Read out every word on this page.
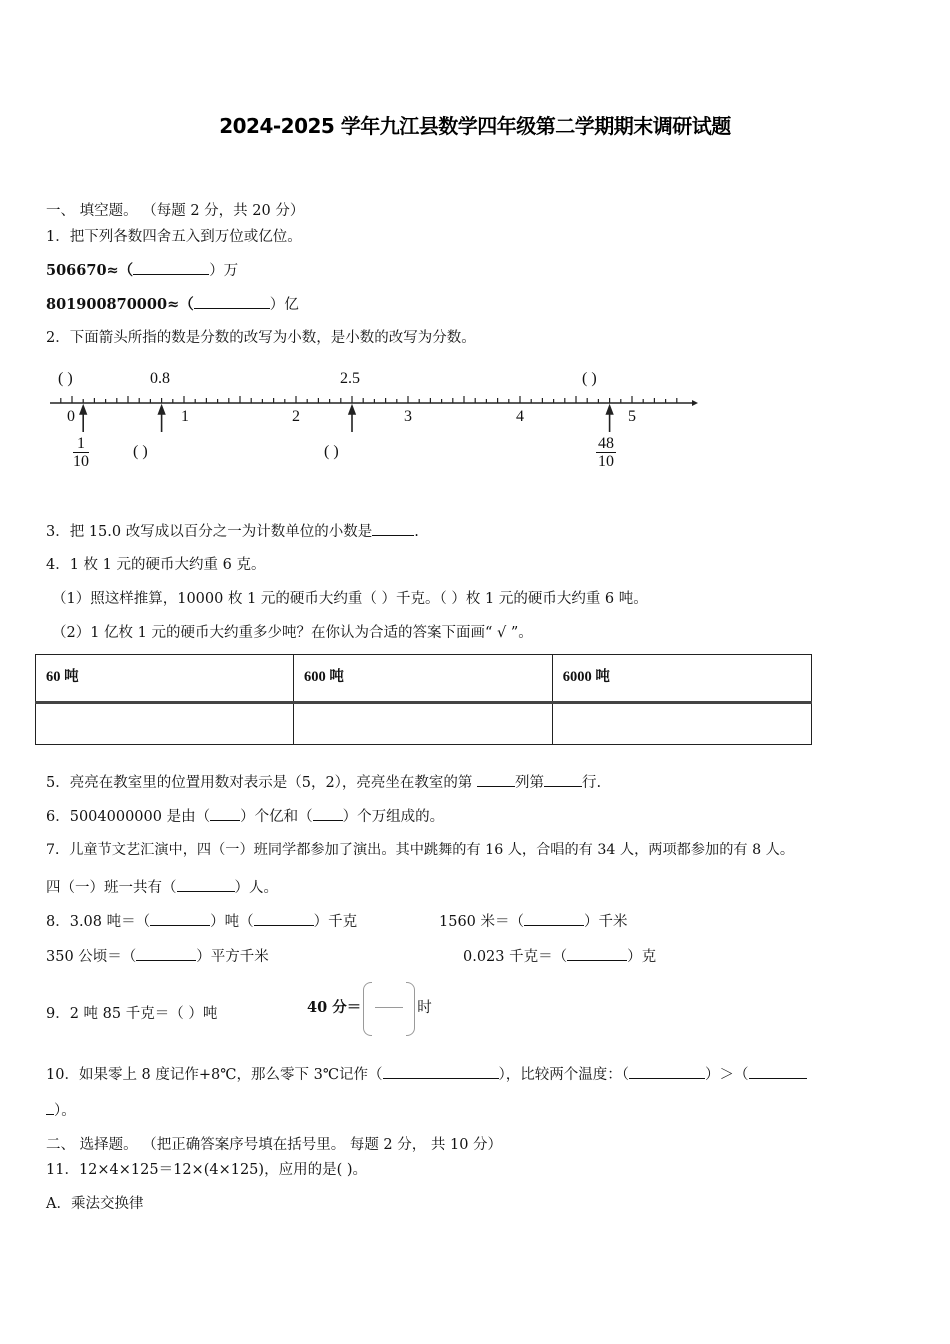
2024-2025 学年九江县数学四年级第二学期期末调研试题
一、 填空题。 （每题 2 分，共 20 分）
1．把下列各数四舍五入到万位或亿位。
506670≈（	）万
801900870000≈（	）亿
2．下面箭头所指的数是分数的改写为小数，是小数的改写为分数。
( )	0.8	2.5	( )
0	1	2	3	4	5
$\frac{1}{10}$	( )	( )	$\frac{48}{10}$
3．把 15.0 改写成以百分之一为计数单位的小数是	.
4．1 枚 1 元的硬币大约重 6 克。
（1）照这样推算，10000 枚 1 元的硬币大约重（ ）千克。（ ）枚 1 元的硬币大约重 6 吨。
（2）1 亿枚 1 元的硬币大约重多少吨？在你认为合适的答案下面画“ √ ”。
60 吨	600 吨	6000 吨

5．亮亮在教室里的位置用数对表示是（5，2），亮亮坐在教室的第	列第	行.
6．5004000000 是由（ ）个亿和（ ）个万组成的。
7．儿童节文艺汇演中，四（一）班同学都参加了演出。其中跳舞的有 16 人，合唱的有 34 人，两项都参加的有 8 人。
四（一）班一共有（	）人。
8．3.08 吨＝（	）吨（	）千克	1560 米＝（	）千米
350 公顷＝（	）平方千米	0.023 千克＝（	）克
9．2 吨 85 千克＝（ ）吨	40 分＝	时
10．如果零上 8 度记作+8℃，那么零下 3℃记作（	），比较两个温度：（	）＞（
）。
二、 选择题。 （把正确答案序号填在括号里。 每题 2 分， 共 10 分）
11．12×4×125＝12×(4×125)，应用的是( )。
A．乘法交换律
